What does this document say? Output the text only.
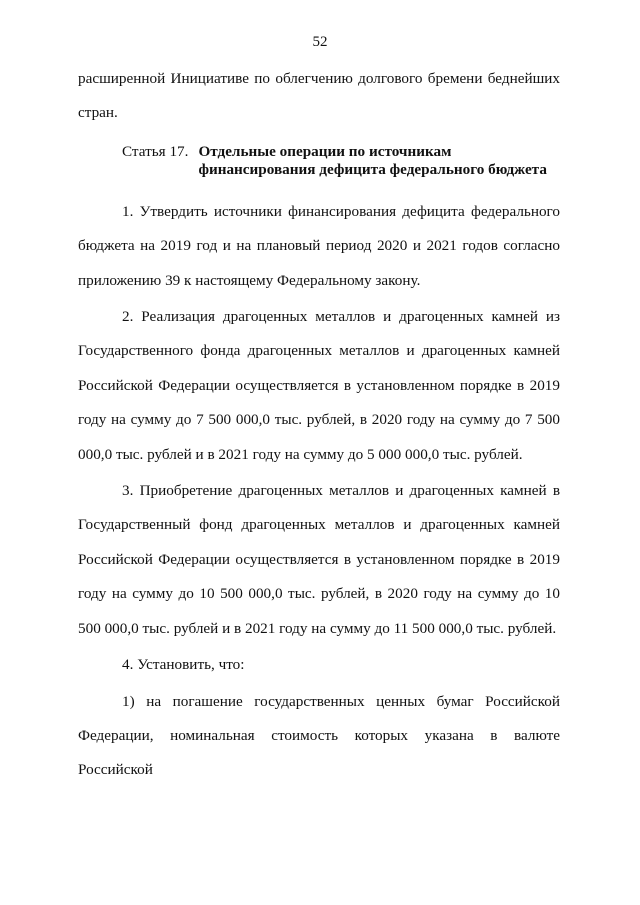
52

расширенной Инициативе по облегчению долгового бремени беднейших стран.

Статья 17. Отдельные операции по источникам финансирования дефицита федерального бюджета

1. Утвердить источники финансирования дефицита федерального бюджета на 2019 год и на плановый период 2020 и 2021 годов согласно приложению 39 к настоящему Федеральному закону.

2. Реализация драгоценных металлов и драгоценных камней из Государственного фонда драгоценных металлов и драгоценных камней Российской Федерации осуществляется в установленном порядке в 2019 году на сумму до 7 500 000,0 тыс. рублей, в 2020 году на сумму до 7 500 000,0 тыс. рублей и в 2021 году на сумму до 5 000 000,0 тыс. рублей.

3. Приобретение драгоценных металлов и драгоценных камней в Государственный фонд драгоценных металлов и драгоценных камней Российской Федерации осуществляется в установленном порядке в 2019 году на сумму до 10 500 000,0 тыс. рублей, в 2020 году на сумму до 10 500 000,0 тыс. рублей и в 2021 году на сумму до 11 500 000,0 тыс. рублей.

4. Установить, что:

1) на погашение государственных ценных бумаг Российской Федерации, номинальная стоимость которых указана в валюте Российской
